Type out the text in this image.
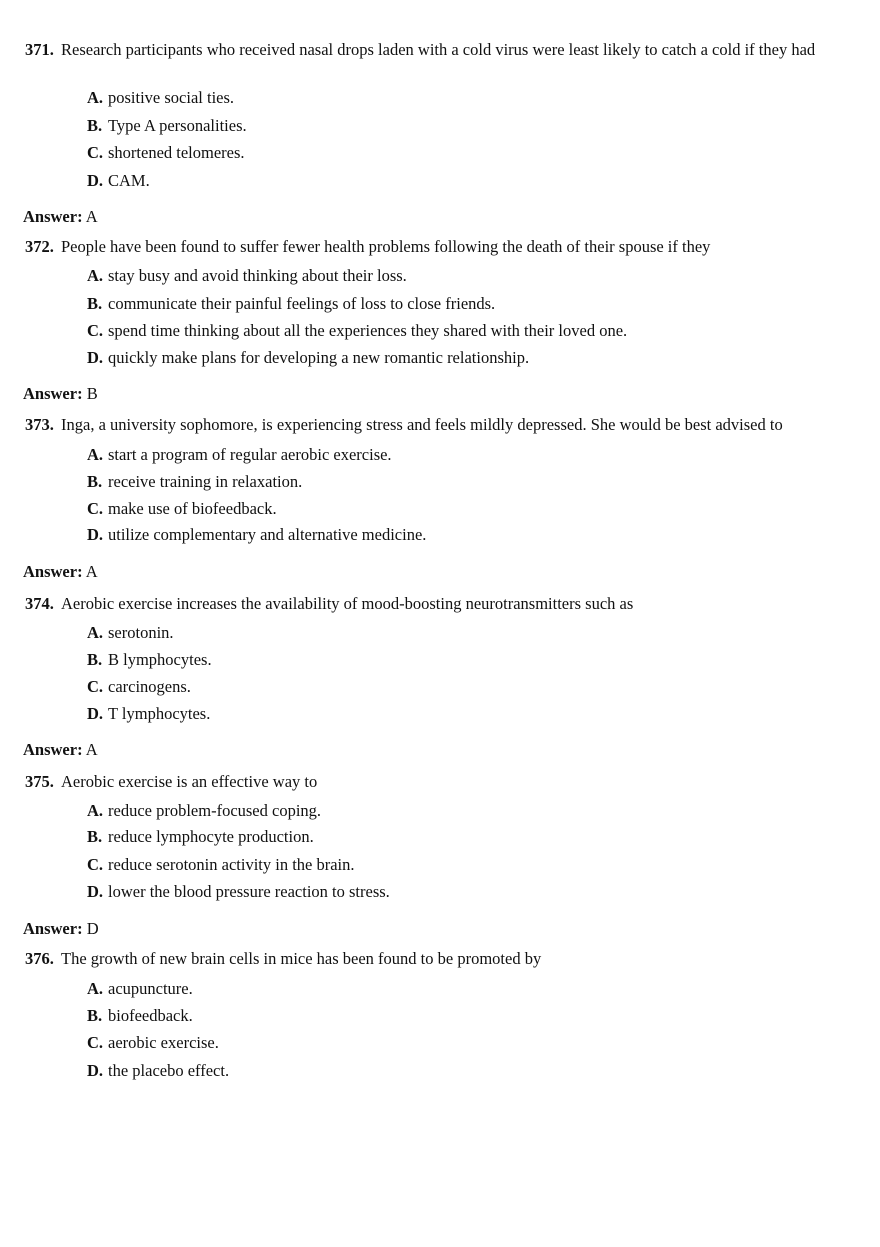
371. Research participants who received nasal drops laden with a cold virus were least likely to catch a cold if they had
A. positive social ties.
B. Type A personalities.
C. shortened telomeres.
D. CAM.
Answer: A
372. People have been found to suffer fewer health problems following the death of their spouse if they
A. stay busy and avoid thinking about their loss.
B. communicate their painful feelings of loss to close friends.
C. spend time thinking about all the experiences they shared with their loved one.
D. quickly make plans for developing a new romantic relationship.
Answer: B
373. Inga, a university sophomore, is experiencing stress and feels mildly depressed. She would be best advised to
A. start a program of regular aerobic exercise.
B. receive training in relaxation.
C. make use of biofeedback.
D. utilize complementary and alternative medicine.
Answer: A
374. Aerobic exercise increases the availability of mood-boosting neurotransmitters such as
A. serotonin.
B. B lymphocytes.
C. carcinogens.
D. T lymphocytes.
Answer: A
375. Aerobic exercise is an effective way to
A. reduce problem-focused coping.
B. reduce lymphocyte production.
C. reduce serotonin activity in the brain.
D. lower the blood pressure reaction to stress.
Answer: D
376. The growth of new brain cells in mice has been found to be promoted by
A. acupuncture.
B. biofeedback.
C. aerobic exercise.
D. the placebo effect.
